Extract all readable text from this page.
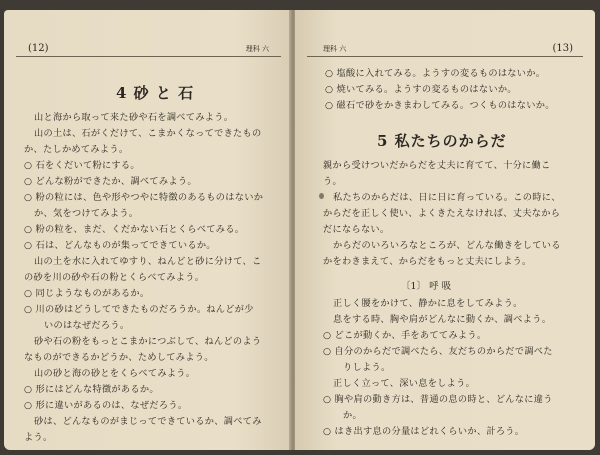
(12)	理科 六
4 砂 と 石
山と海から取って来た砂や石を調べてみよう。
山の土は、石がくだけて、こまかくなってできたもの
か、たしかめてみよう。
○ 石をくだいて粉にする。
○ どんな粉ができたか、調べてみよう。
○ 粉の粒には、色や形やつやに特徴のあるものはないか
か、気をつけてみよう。
○ 粉の粒を、まだ、くだかない石とくらべてみる。
○ 石は、どんなものが集ってできているか。
山の土を水に入れてゆすり、ねんどと砂に分けて、こ
の砂を川の砂や石の粉とくらべてみよう。
○ 同じようなものがあるか。
○ 川の砂はどうしてできたものだろうか。ねんどが少
いのはなぜだろう。
砂や石の粉をもっとこまかにつぶして、ねんどのよう
なものができるかどうか、ためしてみよう。
山の砂と海の砂とをくらべてみよう。
○ 形にはどんな特徴があるか。
○ 形に違いがあるのは、なぜだろう。
砂は、どんなものがまじってできているか、調べてみ
よう。
理科 六	(13)
○ 塩酸に入れてみる。ようすの変るものはないか。
○ 焼いてみる。ようすの変るものはないか。
○ 磁石で砂をかきまわしてみる。つくものはないか。
5 私たちのからだ
親から受けついだからだを丈夫に育てて、十分に働こ
う。
私たちのからだは、日に日に育っている。この時に、
からだを正しく使い、よくきたえなければ、丈夫なから
だにならない。
からだのいろいろなところが、どんな働きをしている
かをわきまえて、からだをもっと丈夫にしよう。
〔1〕 呼 吸
正しく腰をかけて、静かに息をしてみよう。
息をする時、胸や肩がどんなに動くか、調べよう。
○ どこが動くか、手をあててみよう。
○ 自分のからだで調べたら、友だちのからだで調べた
りしよう。
正しく立って、深い息をしよう。
○ 胸や肩の動き方は、普通の息の時と、どんなに違う
か。
○ はき出す息の分量はどれくらいか、計ろう。
